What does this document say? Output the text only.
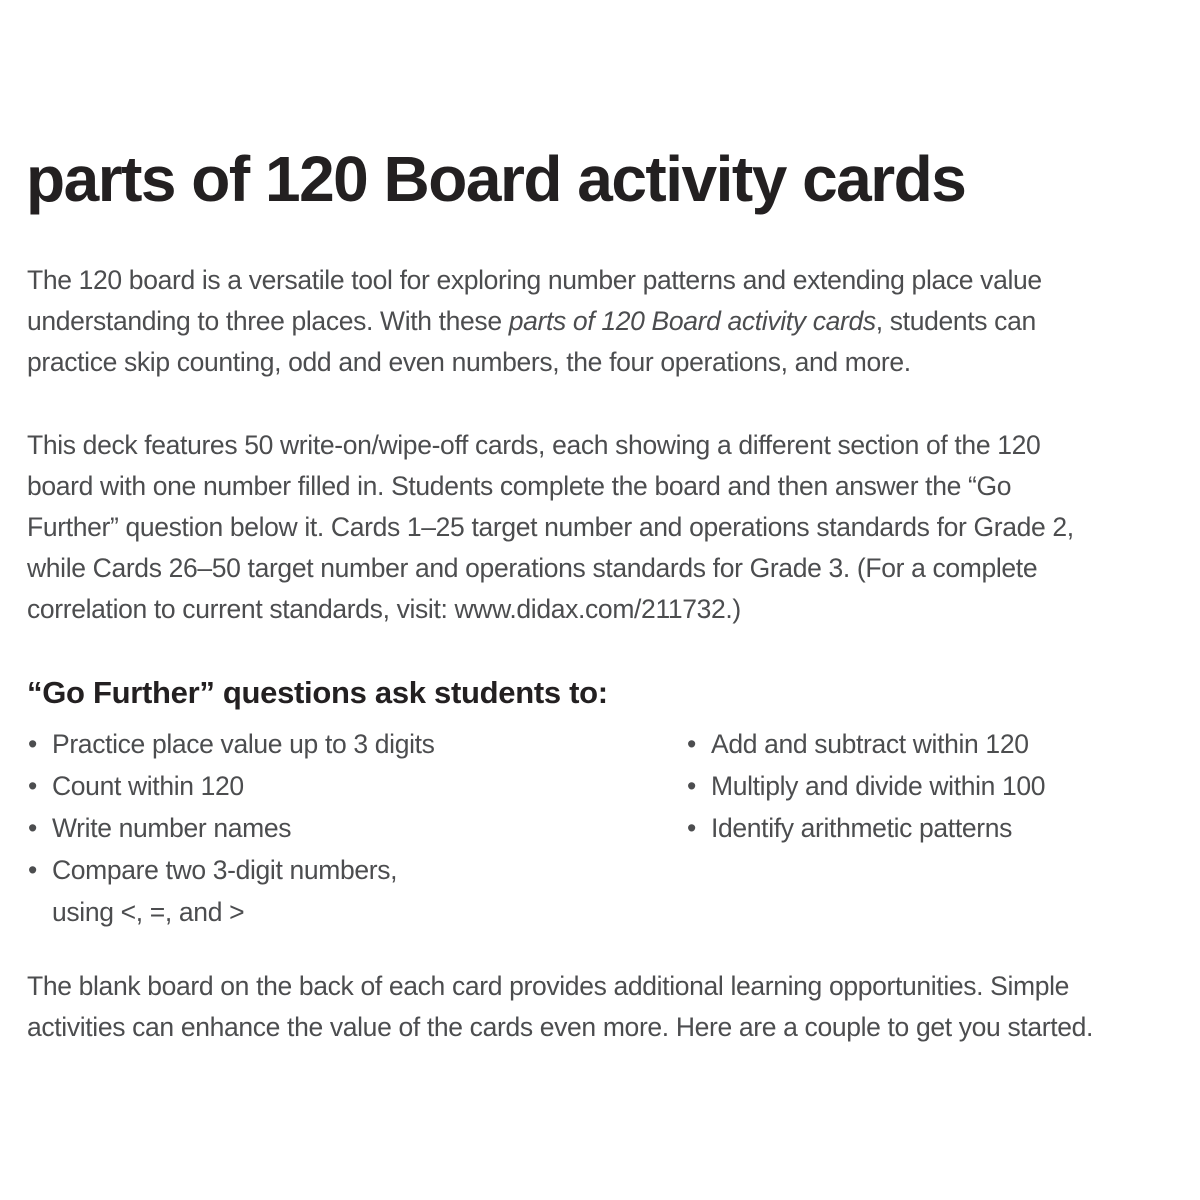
parts of 120 Board activity cards
The 120 board is a versatile tool for exploring number patterns and extending place value
understanding to three places. With these parts of 120 Board activity cards, students can
practice skip counting, odd and even numbers, the four operations, and more.
This deck features 50 write-on/wipe-off cards, each showing a different section of the 120
board with one number filled in. Students complete the board and then answer the “Go
Further” question below it. Cards 1–25 target number and operations standards for Grade 2,
while Cards 26–50 target number and operations standards for Grade 3. (For a complete
correlation to current standards, visit: www.didax.com/211732.)
“Go Further” questions ask students to:
• Practice place value up to 3 digits
• Count within 120
• Write number names
• Compare two 3-digit numbers,
using <, =, and >
• Add and subtract within 120
• Multiply and divide within 100
• Identify arithmetic patterns
The blank board on the back of each card provides additional learning opportunities. Simple
activities can enhance the value of the cards even more. Here are a couple to get you started.
